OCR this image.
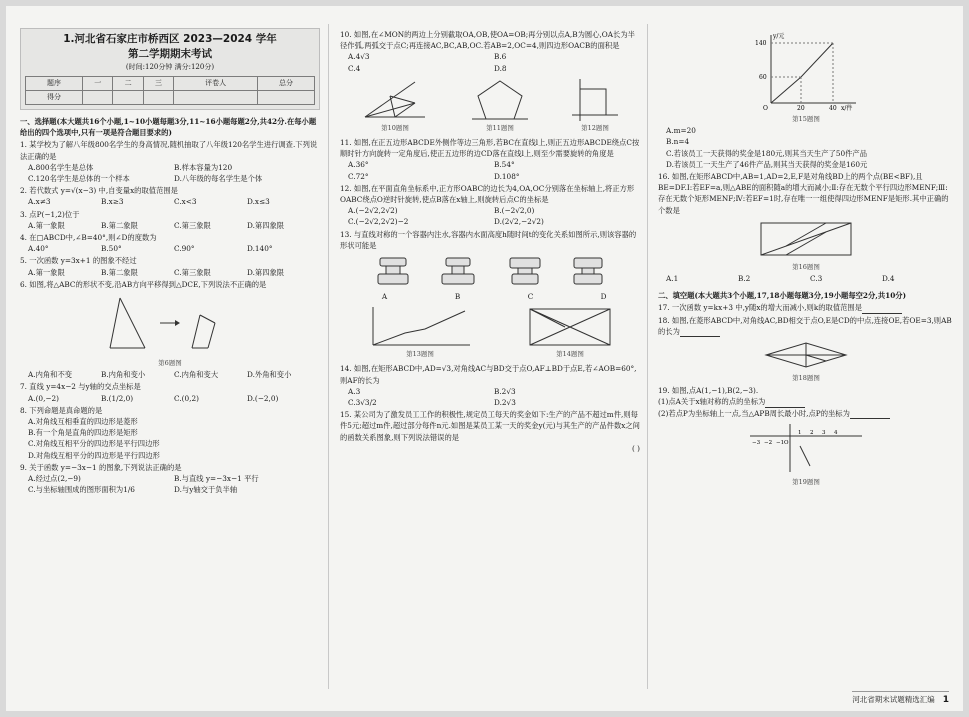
1.河北省石家庄市桥西区 2023—2024 学年
第二学期期末考试
(时间:120分钟 满分:120分)
题序	一	二	三	评卷人	总分
得分					
一、选择题(本大题共16个小题,1~10小题每题3分,11~16小题每题2分,共42分.在每小题给出的四个选项中,只有一项是符合题目要求的)
1. 某学校为了解八年级800名学生的身高情况,随机抽取了八年级120名学生进行调查.下列说法正确的是
A.800名学生是总体	B.样本容量为120
C.120名学生是总体的一个样本	D.八年级的每名学生是个体
2. 若代数式 y=√(x−3) 中,自变量x的取值范围是
A.x≠3	B.x≥3	C.x<3	D.x≤3
3. 点P(−1,2)位于
A.第一象限	B.第二象限	C.第三象限	D.第四象限
4. 在□ABCD中,∠B=40°,则∠D的度数为
A.40°	B.50°	C.90°	D.140°
5. 一次函数 y=3x+1 的图象不经过
A.第一象限	B.第二象限	C.第三象限	D.第四象限
6. 如图,将△ABC的形状不变,沿AB方向平移得到△DCE,下列说法不正确的是
第6题图
A.内角和不变	B.内角和变小	C.内角和变大	D.外角和变小
7. 直线 y=4x−2 与y轴的交点坐标是
A.(0,−2)	B.(1/2,0)	C.(0,2)	D.(−2,0)
8. 下列命题是真命题的是
A.对角线互相垂直的四边形是菱形
B.有一个角是直角的四边形是矩形
C.对角线互相平分的四边形是平行四边形
D.对角线互相平分的四边形是平行四边形
9. 关于函数 y=−3x−1 的图象,下列说法正确的是
A.经过点(2,−9)	B.与直线 y=−3x−1 平行
C.与坐标轴围成的图形面积为1/6	D.与y轴交于负半轴
10. 如图,在∠MON的两边上分别截取OA,OB,使OA=OB;再分别以点A,B为圆心,OA长为半径作弧,两弧交于点C;再连接AC,BC,AB,OC.若AB=2,OC=4,则四边形OACB的面积是
A.4√3	B.6
C.4	D.8
第10题图	第11题图	第12题图
11. 如图,在正五边形ABCDE外侧作等边三角形,若BC在直线l上,则正五边形ABCDE绕点C按顺时针方向旋转一定角度后,使正五边形的边CD落在直线l上,则至少需要旋转的角度是
A.36°	B.54°
C.72°	D.108°
12. 如图,在平面直角坐标系中,正方形OABC的边长为4,OA,OC分别落在坐标轴上,将正方形OABC绕点O逆时针旋转,使点B落在x轴上,则旋转后点C的坐标是
A.(−2√2,2√2)	B.(−2√2,0)
C.(−2√2,2√2)−2	D.(2√2,−2√2)
13. 与直线对称的一个容器内注水,容器内水面高度h随时间t的变化关系如图所示,则该容器的形状可能是
A	B	C	D
第13题图	第14题图
14. 如图,在矩形ABCD中,AD=√3,对角线AC与BD交于点O,AF⊥BD于点E,若∠AOB=60°,则AF的长为
A.3	B.2√3
C.3√3/2	D.2√3
15. 某公司为了激发员工工作的积极性,规定员工每天的奖金如下:生产的产品不超过m件,则每件5元;超过m件,超过部分每件n元.如图是某员工某一天的奖金y(元)与其生产的产品件数x之间的函数关系图象,则下列说法错误的是
( )
y/元
x/件
140
60
O	20	40
第15题图
A.m=20
B.n=4
C.若该员工一天获得的奖金是180元,则其当天生产了50件产品
D.若该员工一天生产了46件产品,则其当天获得的奖金是160元
16. 如图,在矩形ABCD中,AB=1,AD=2,E,F是对角线BD上的两个点(BE<BF),且BE=DF.Ⅰ:若EF=a,则△ABE的面积随a的增大而减小;Ⅱ:存在无数个平行四边形MENF;Ⅲ:存在无数个矩形MENF;Ⅳ:若EF=1时,存在唯一一组使得四边形MENF是矩形.其中正确的个数是
第16题图
A.1	B.2	C.3	D.4
二、填空题(本大题共3个小题,17,18小题每题3分,19小题每空2分,共10分)
17. 一次函数 y=kx+3 中,y随x的增大而减小,则k的取值范围是
18. 如图,在菱形ABCD中,对角线AC,BD相交于点O,E是CD的中点,连接OE,若OE=3,则AB的长为
第18题图
19. 如图,点A(1,−1),B(2,−3).
(1)点A关于x轴对称的点的坐标为
(2)若点P为坐标轴上一点,当△APB周长最小时,点P的坐标为
−3 −2 −1 O
1 2 3 4
第19题图
河北省期末试题精选汇编 1
